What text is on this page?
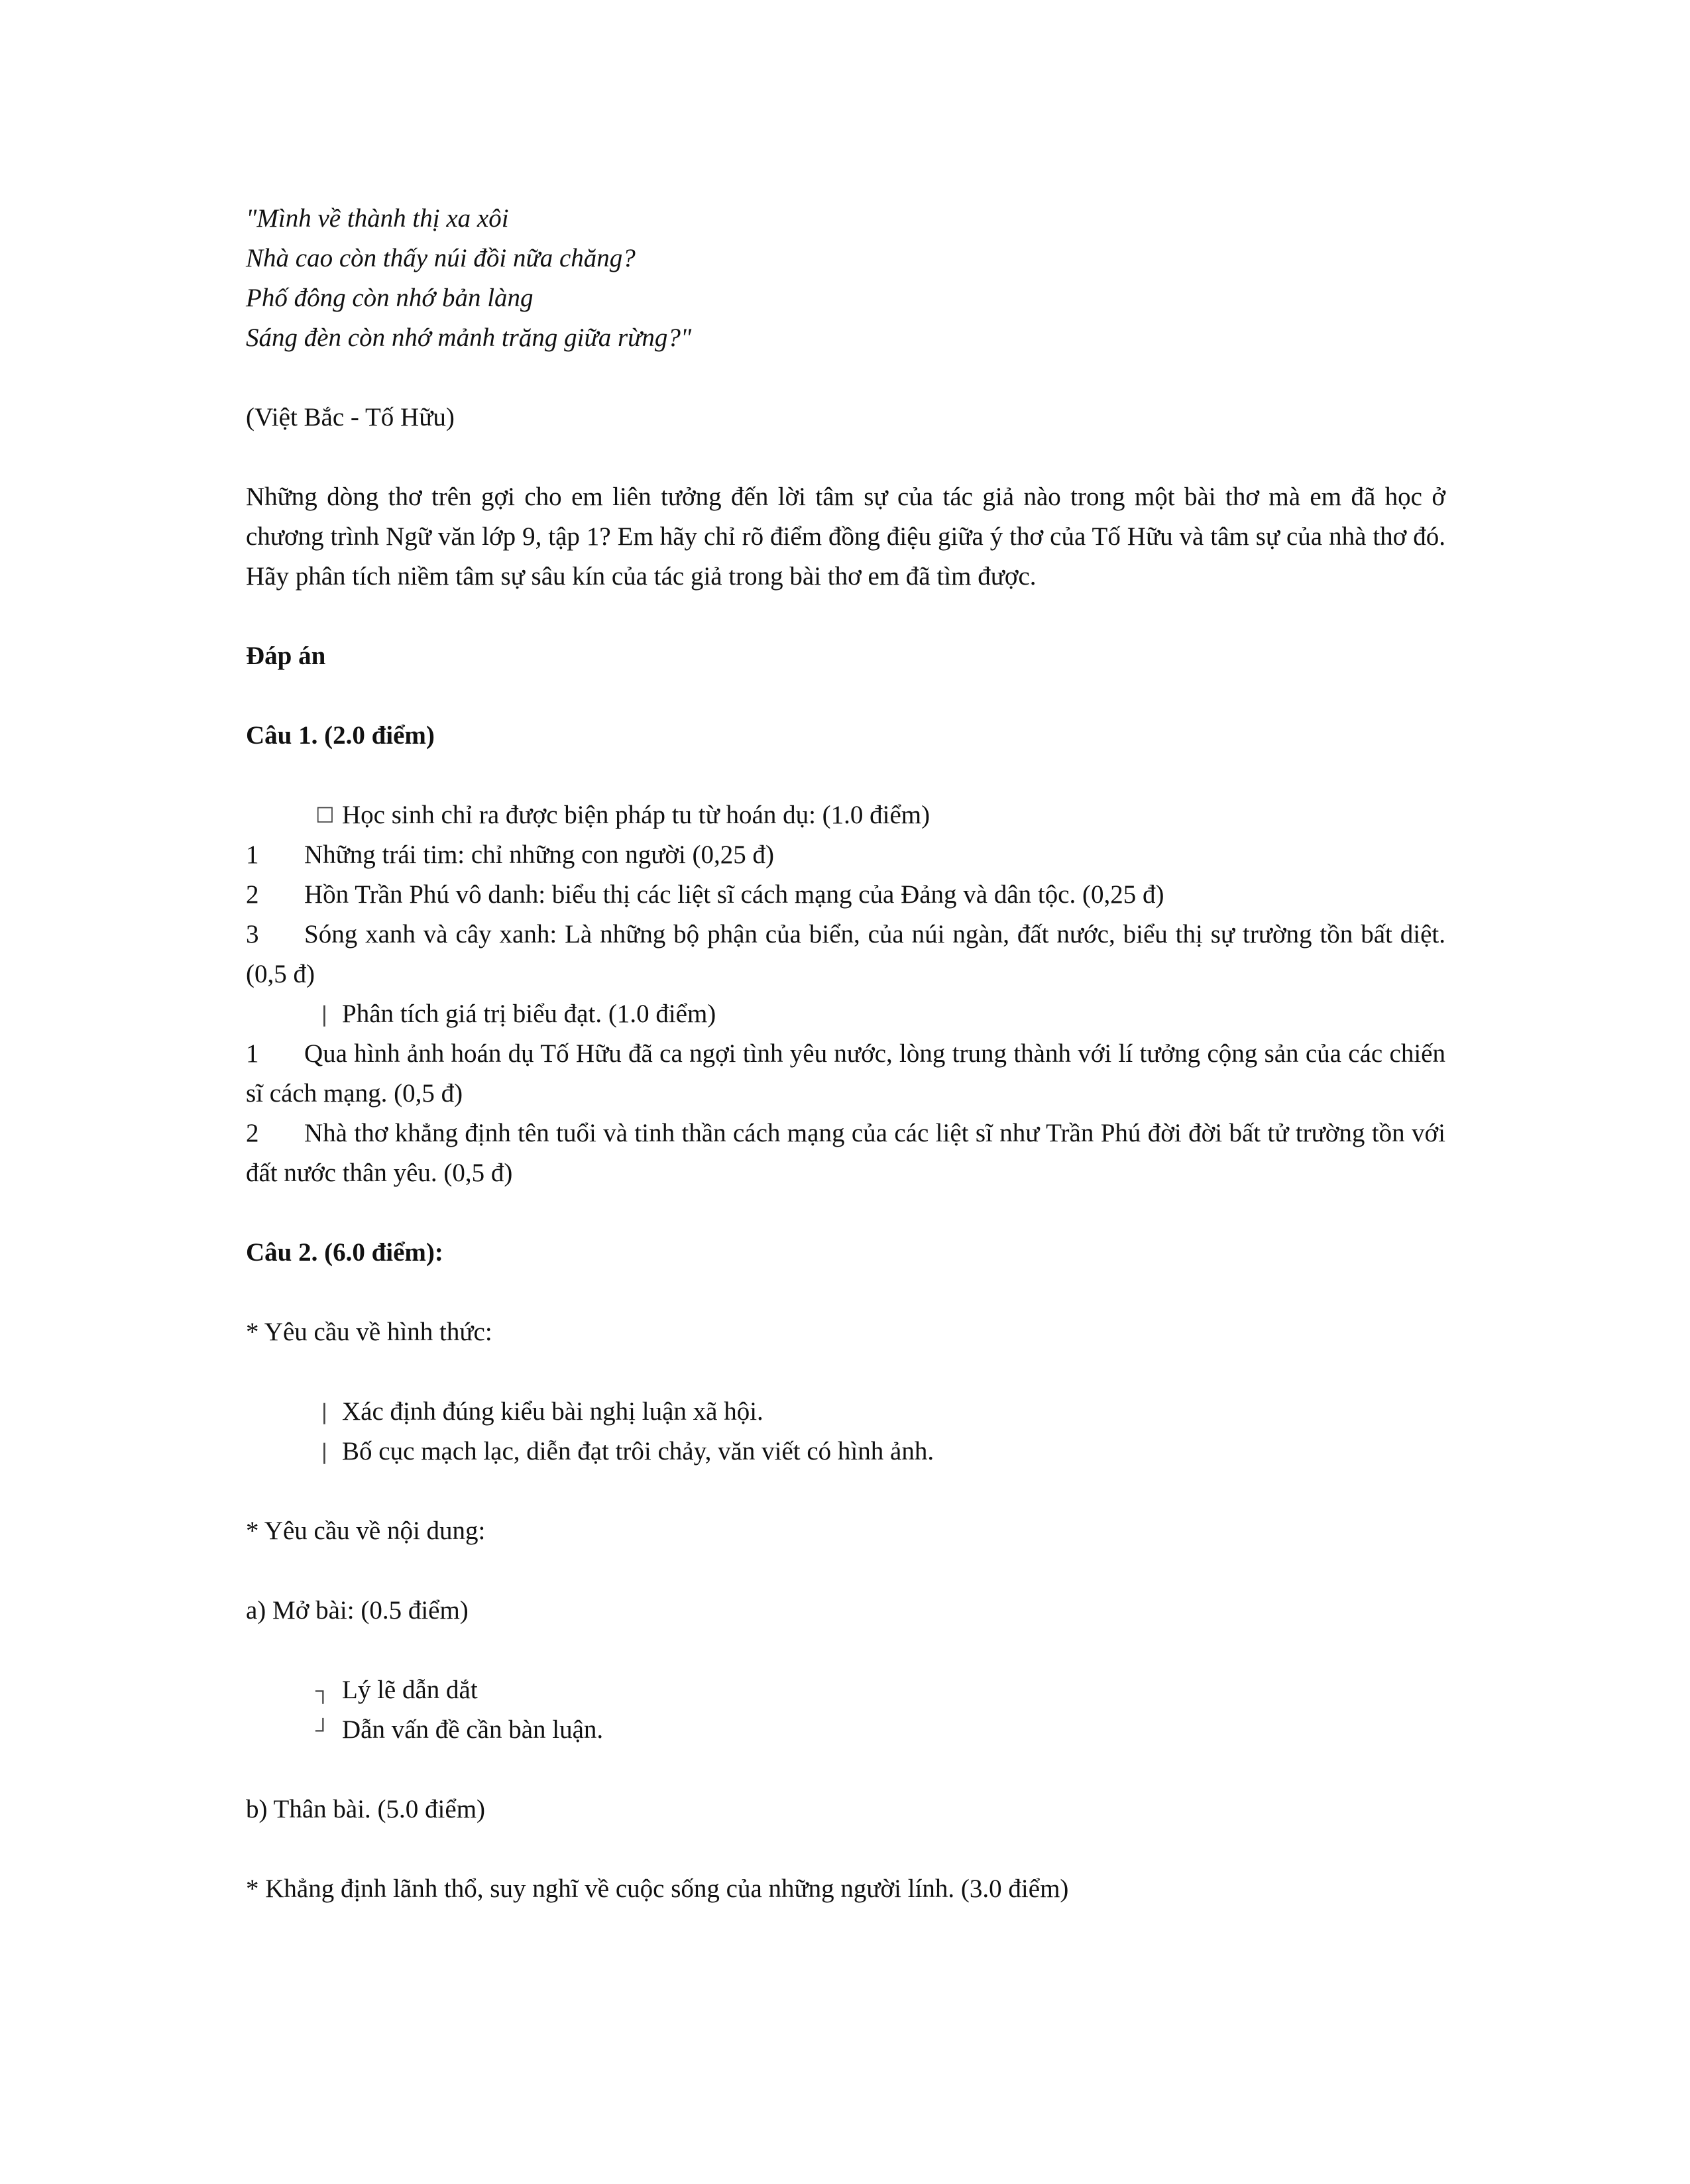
"Mình về thành thị xa xôi
Nhà cao còn thấy núi đồi nữa chăng?
Phố đông còn nhớ bản làng
Sáng đèn còn nhớ mảnh trăng giữa rừng?"

(Việt Bắc - Tố Hữu)

Những dòng thơ trên gợi cho em liên tưởng đến lời tâm sự của tác giả nào trong một bài thơ mà em đã học ở chương trình Ngữ văn lớp 9, tập 1? Em hãy chỉ rõ điểm đồng điệu giữa ý thơ của Tố Hữu và tâm sự của nhà thơ đó. Hãy phân tích niềm tâm sự sâu kín của tác giả trong bài thơ em đã tìm được.

Đáp án

Câu 1. (2.0 điểm)

☐ Học sinh chỉ ra được biện pháp tu từ hoán dụ: (1.0 điểm)
1	Những trái tim: chỉ những con người (0,25 đ)
2	Hồn Trần Phú vô danh: biểu thị các liệt sĩ cách mạng của Đảng và dân tộc. (0,25 đ)
3	Sóng xanh và cây xanh: Là những bộ phận của biển, của núi ngàn, đất nước, biểu thị sự trường tồn bất diệt. (0,5 đ)
❘ Phân tích giá trị biểu đạt. (1.0 điểm)
1	Qua hình ảnh hoán dụ Tố Hữu đã ca ngợi tình yêu nước, lòng trung thành với lí tưởng cộng sản của các chiến sĩ cách mạng. (0,5 đ)
2	Nhà thơ khẳng định tên tuổi và tinh thần cách mạng của các liệt sĩ như Trần Phú đời đời bất tử trường tồn với đất nước thân yêu. (0,5 đ)

Câu 2. (6.0 điểm):

* Yêu cầu về hình thức:

❘ Xác định đúng kiểu bài nghị luận xã hội.
❘ Bố cục mạch lạc, diễn đạt trôi chảy, văn viết có hình ảnh.

* Yêu cầu về nội dung:

a) Mở bài: (0.5 điểm)

┐ Lý lẽ dẫn dắt
┘ Dẫn vấn đề cần bàn luận.

b) Thân bài. (5.0 điểm)

* Khẳng định lãnh thổ, suy nghĩ về cuộc sống của những người lính. (3.0 điểm)
